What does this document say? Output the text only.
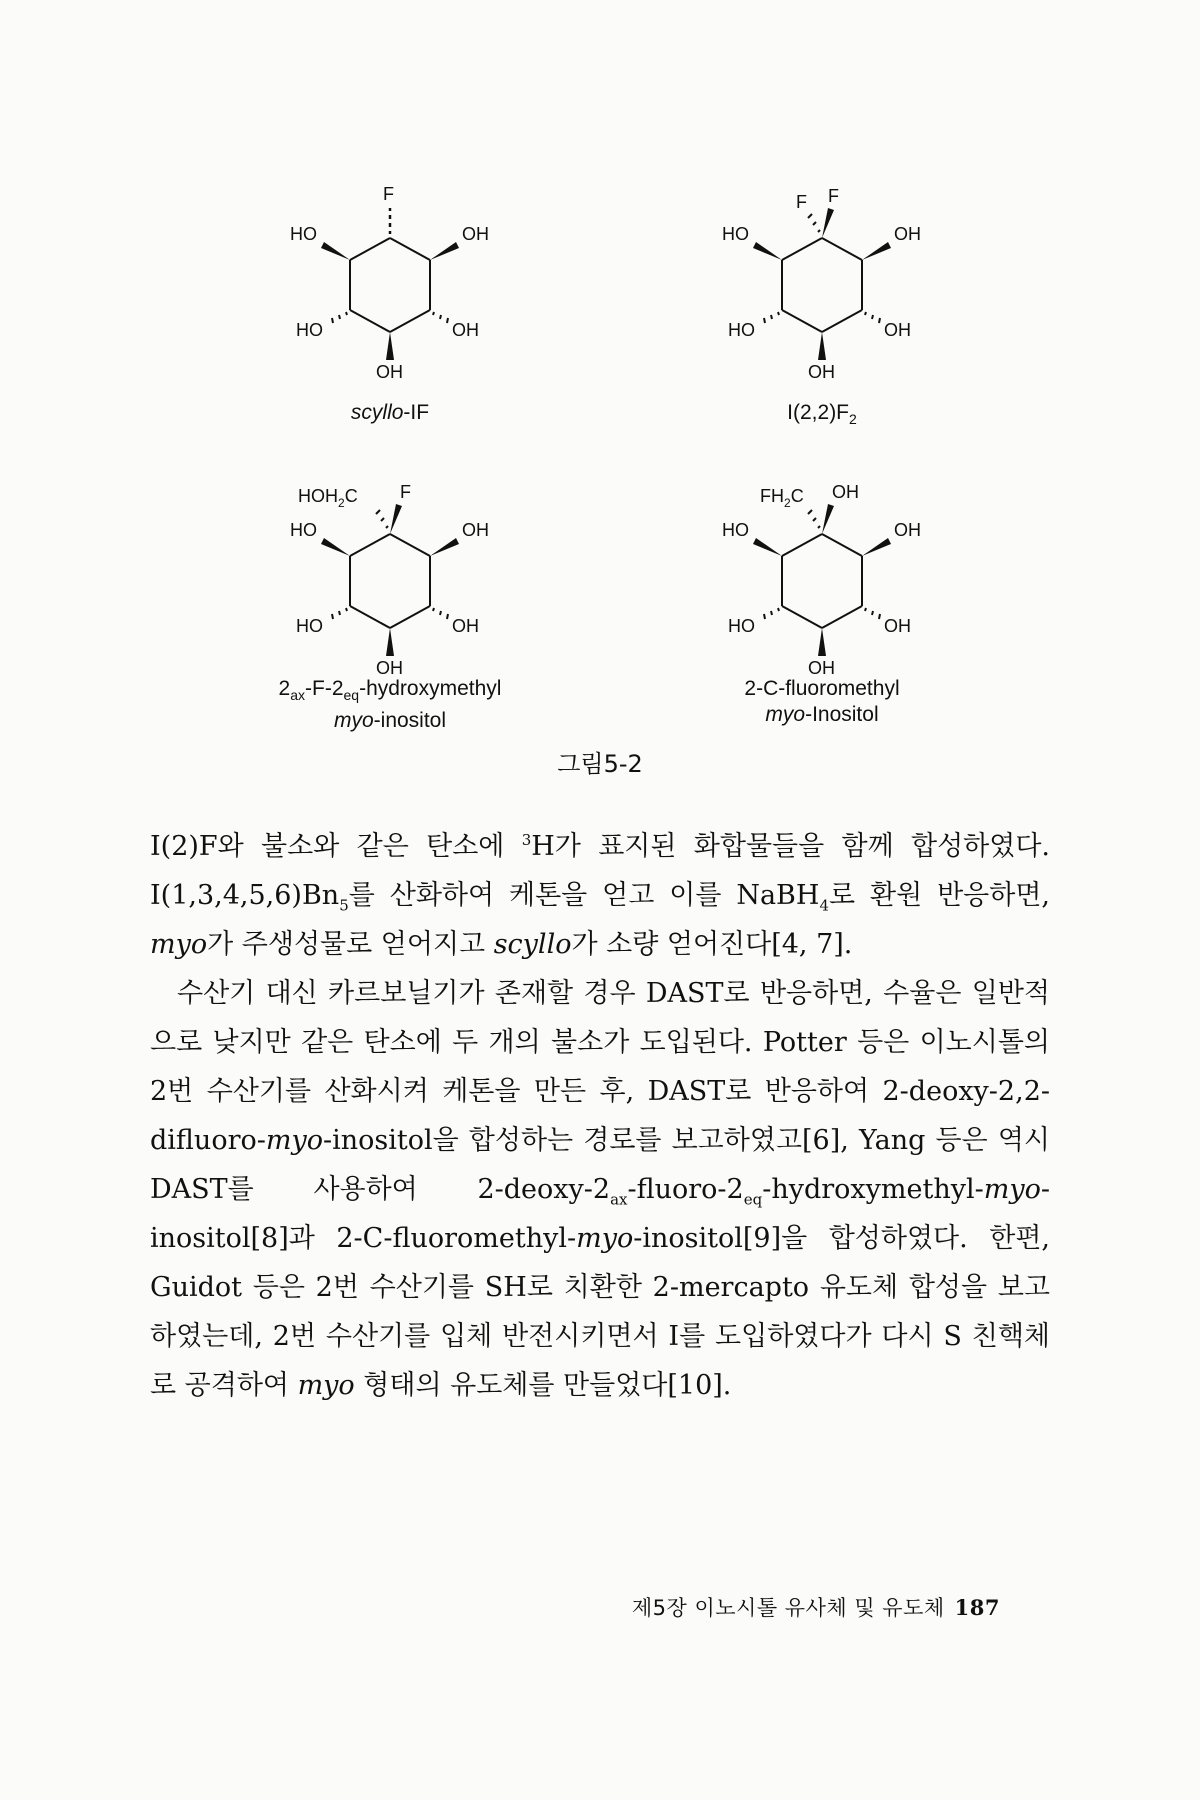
F
HO	OH
HO	OH
OH
scyllo-IF
F F
HO	OH
HO	OH
OH
$I(2,2)F_2$
$HOH_2C$ F
HO	OH
HO	OH
OH
$2_{ax}-F-2_{eq}$-hydroxymethyl
myo-inositol
$FH_2C$ OH
HO	OH
HO	OH
OH
2-C-fluoromethyl
myo-Inositol
그림5-2

I(2)F와 불소와 같은 탄소에 $^3$H가 표지된 화합물들을 함께 합성하였다. $I(1,3,4,5,6)Bn_5$를 산화하여 케톤을 얻고 이를 NaBH$_4$로 환원 반응하면, myo가 주생성물로 얻어지고 scyllo가 소량 얻어진다[4, 7].

수산기 대신 카르보닐기가 존재할 경우 DAST로 반응하면, 수율은 일반적으로 낮지만 같은 탄소에 두 개의 불소가 도입된다. Potter 등은 이노시톨의 2번 수산기를 산화시켜 케톤을 만든 후, DAST로 반응하여 2-deoxy-2,2-difluoro-myo-inositol을 합성하는 경로를 보고하였고[6], Yang 등은 역시 DAST를 사용하여 $2-deoxy-2_{ax}-fluoro-2_{eq}-hydroxymethyl-myo-inositol[8]$과 2-C-fluoromethyl-myo-inositol[9]을 합성하였다. 한편, Guidot 등은 2번 수산기를 SH로 치환한 2-mercapto 유도체 합성을 보고하였는데, 2번 수산기를 입체 반전시키면서 I를 도입하였다가 다시 S 친핵체로 공격하여 myo 형태의 유도체를 만들었다[10].

제5장 이노시톨 유사체 및 유도체 187
